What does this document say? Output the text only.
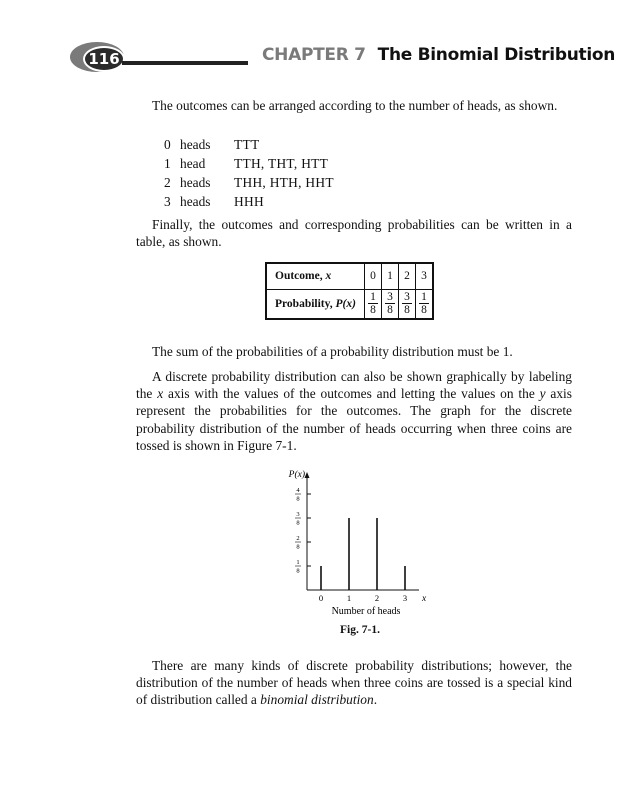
116	CHAPTER 7 The Binomial Distribution

The outcomes can be arranged according to the number of heads, as shown.

0 heads TTT
1 head TTH, THT, HTT
2 heads THH, HTH, HHT
3 heads HHH

Finally, the outcomes and corresponding probabilities can be written in a table, as shown.

Outcome, x	0	1	2	3
Probability, P(x)	$\frac{1}{8}$	$\frac{3}{8}$	$\frac{3}{8}$	$\frac{1}{8}$

The sum of the probabilities of a probability distribution must be 1.

A discrete probability distribution can also be shown graphically by labeling the x axis with the values of the outcomes and letting the values on the y axis represent the probabilities for the outcomes. The graph for the discrete probability distribution of the number of heads occurring when three coins are tossed is shown in Figure 7-1.

1
8
2
8
3
8
4
8
0	1	2	3
P(x)
x
Number of heads
Fig. 7-1.

There are many kinds of discrete probability distributions; however, the distribution of the number of heads when three coins are tossed is a special kind of distribution called a binomial distribution.
